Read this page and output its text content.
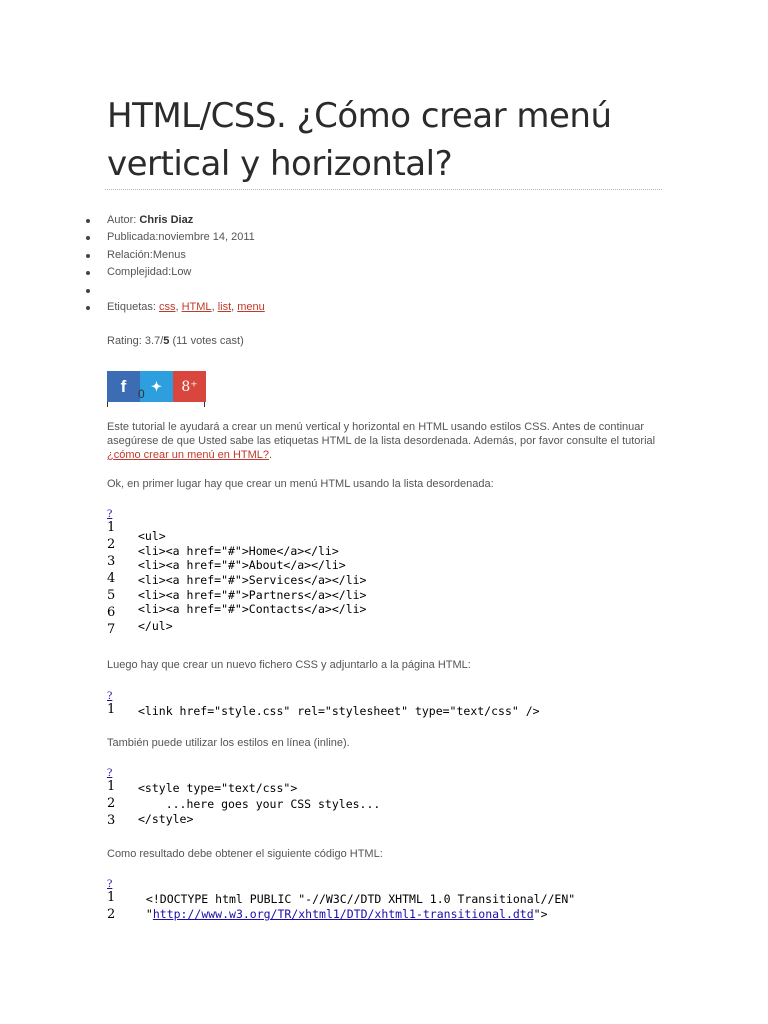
HTML/CSS. ¿Cómo crear menú vertical y horizontal?
Autor: Chris Diaz
Publicada:noviembre 14, 2011
Relación:Menus
Complejidad:Low
Etiquetas: css, HTML, list, menu
Rating: 3.7/5 (11 votes cast)
f ✦ 8⁺
0

Este tutorial le ayudará a crear un menú vertical y horizontal en HTML usando estilos CSS. Antes de continuar asegúrese de que Usted sabe las etiquetas HTML de la lista desordenada. Además, por favor consulte el tutorial ¿cómo crear un menú en HTML?.

Ok, en primer lugar hay que crear un menú HTML usando la lista desordenada:

?
1
2
3
4
5
6
7
<ul>
<li><a href="#">Home</a></li>
<li><a href="#">About</a></li>
<li><a href="#">Services</a></li>
<li><a href="#">Partners</a></li>
<li><a href="#">Contacts</a></li>
</ul>

Luego hay que crear un nuevo fichero CSS y adjuntarlo a la página HTML:

?
1	<link href="style.css" rel="stylesheet" type="text/css" />

También puede utilizar los estilos en línea (inline).

?
1
2
3
<style type="text/css">
...here goes your CSS styles...
</style>

Como resultado debe obtener el siguiente código HTML:

?
1
2
<!DOCTYPE html PUBLIC "-//W3C//DTD XHTML 1.0 Transitional//EN"
"http://www.w3.org/TR/xhtml1/DTD/xhtml1-transitional.dtd">
